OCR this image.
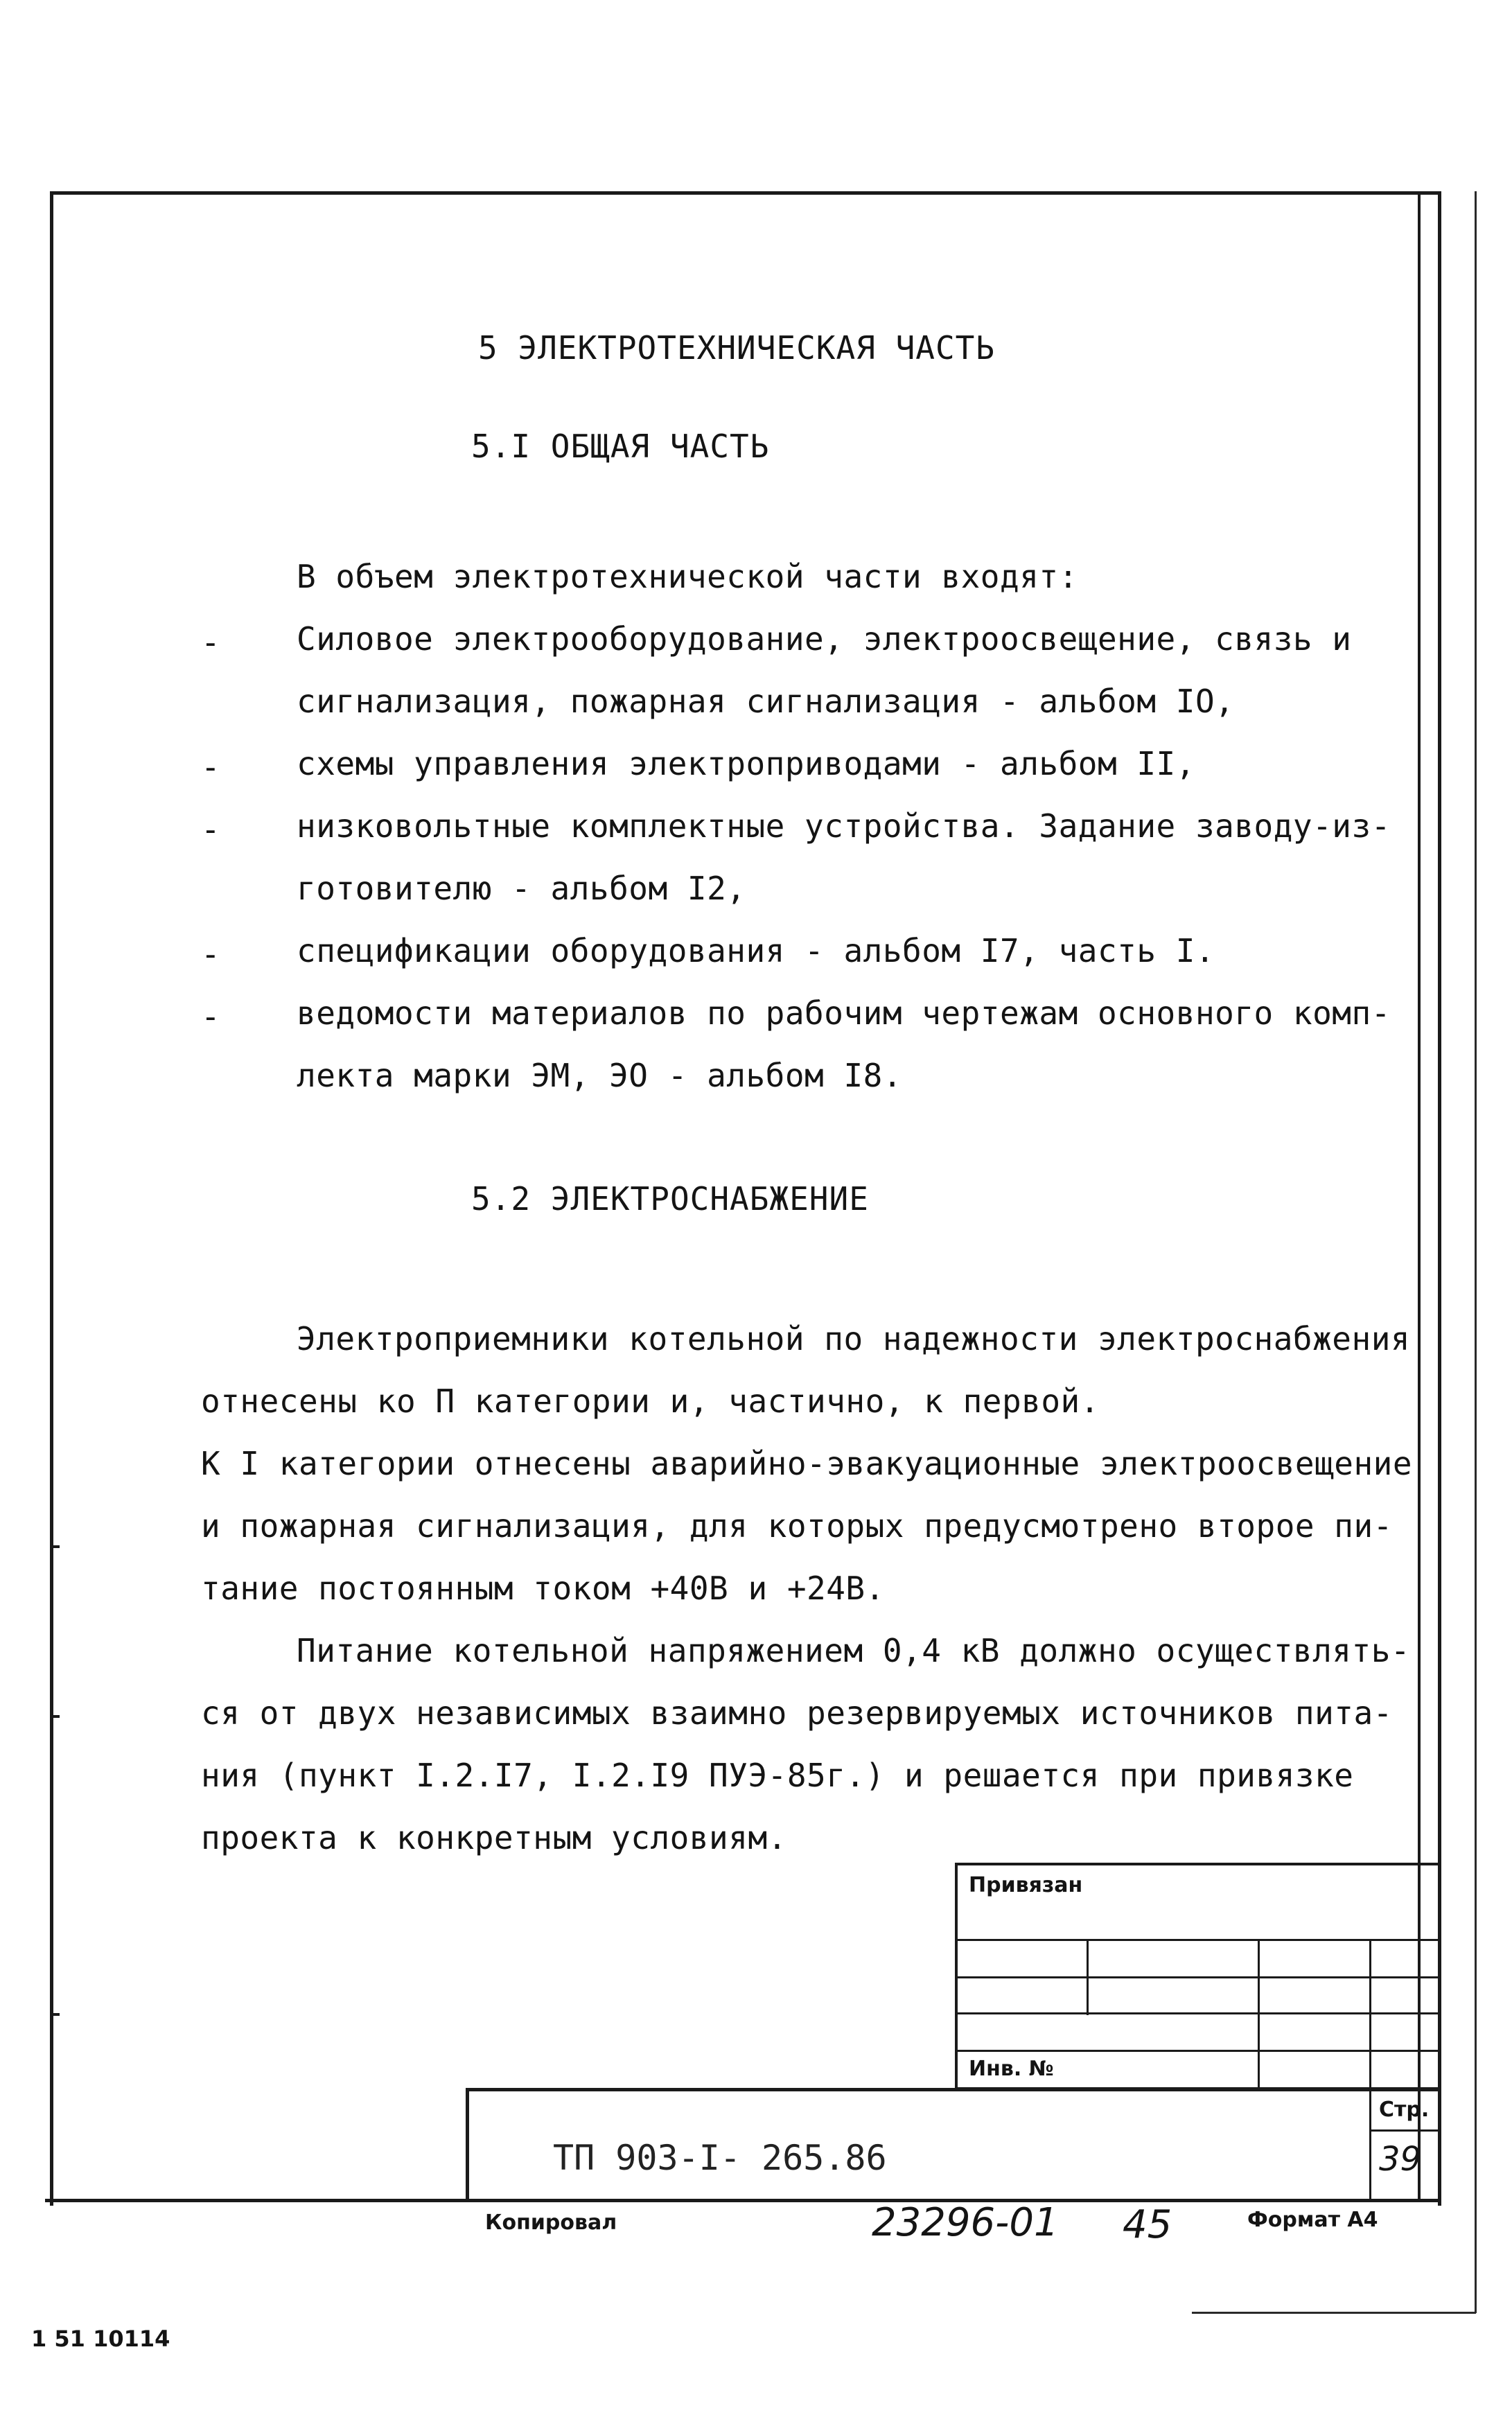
5 ЭЛЕКТРОТЕХНИЧЕСКАЯ ЧАСТЬ
5.I ОБЩАЯ ЧАСТЬ
В объем электротехнической части входят:
- Силовое электрооборудование, электроосвещение, связь и
сигнализация, пожарная сигнализация - альбом IO,
- схемы управления электроприводами - альбом II,
- низковольтные комплектные устройства. Задание заводу-из-
готовителю - альбом I2,
- спецификации оборудования - альбом I7, часть I.
- ведомости материалов по рабочим чертежам основного комп-
лекта марки ЭМ, ЭО - альбом I8.
5.2 ЭЛЕКТРОСНАБЖЕНИЕ
Электроприемники котельной по надежности электроснабжения
отнесены ко П категории и, частично, к первой.
К I категории отнесены аварийно-эвакуационные электроосвещение
и пожарная сигнализация, для которых предусмотрено второе пи-
тание постоянным током +40В и +24В.
Питание котельной напряжением 0,4 кВ должно осуществлять-
ся от двух независимых взаимно резервируемых источников пита-
ния (пункт I.2.I7, I.2.I9 ПУЭ-85г.) и решается при привязке
проекта к конкретным условиям.
Привязан
Инв. №
Стр.
39
ТП 903-I- 265.86
Копировал	23296-01 45	Формат А4
1 51 10114
